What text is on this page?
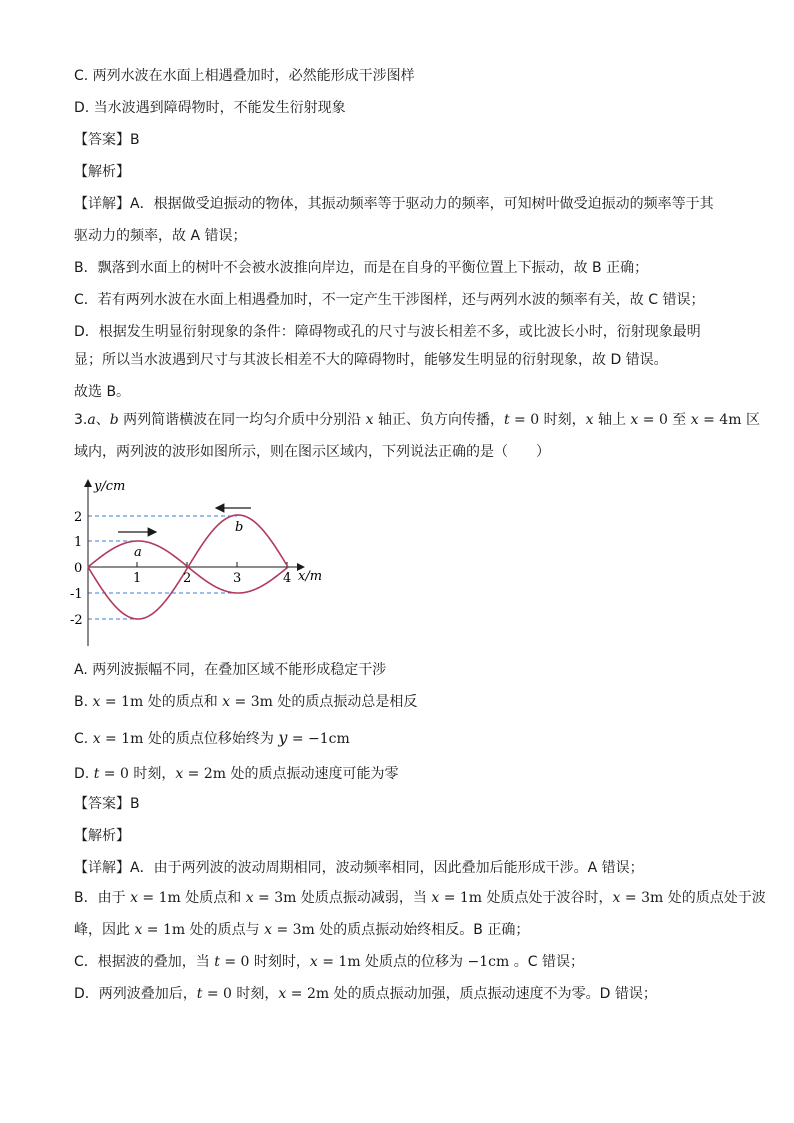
C. 两列水波在水面上相遇叠加时，必然能形成干涉图样
D. 当水波遇到障碍物时，不能发生衍射现象
【答案】B
【解析】
【详解】A．根据做受迫振动的物体，其振动频率等于驱动力的频率，可知树叶做受迫振动的频率等于其
驱动力的频率，故 A 错误；
B．飘落到水面上的树叶不会被水波推向岸边，而是在自身的平衡位置上下振动，故 B 正确；
C．若有两列水波在水面上相遇叠加时，不一定产生干涉图样，还与两列水波的频率有关，故 C 错误；
D．根据发生明显衍射现象的条件：障碍物或孔的尺寸与波长相差不多，或比波长小时，衍射现象最明
显；所以当水波遇到尺寸与其波长相差不大的障碍物时，能够发生明显的衍射现象，故 D 错误。
故选 B。
3.a、b 两列简谐横波在同一均匀介质中分别沿 x 轴正、负方向传播，t = 0 时刻，x 轴上 x = 0 至 x = 4m 区
域内，两列波的波形如图所示，则在图示区域内，下列说法正确的是（　　）
y/cm
x/m
0
2
1
-1
-2
1	2	3	4
a
b
A. 两列波振幅不同，在叠加区域不能形成稳定干涉
B. x = 1m 处的质点和 x = 3m 处的质点振动总是相反
C. x = 1m 处的质点位移始终为 y = −1cm
D. t = 0 时刻，x = 2m 处的质点振动速度可能为零
【答案】B
【解析】
【详解】A．由于两列波的波动周期相同，波动频率相同，因此叠加后能形成干涉。A 错误；
B．由于 x = 1m 处质点和 x = 3m 处质点振动减弱，当 x = 1m 处质点处于波谷时，x = 3m 处的质点处于波
峰，因此 x = 1m 处的质点与 x = 3m 处的质点振动始终相反。B 正确；
C．根据波的叠加，当 t = 0 时刻时，x = 1m 处质点的位移为 −1cm 。C 错误；
D．两列波叠加后，t = 0 时刻，x = 2m 处的质点振动加强，质点振动速度不为零。D 错误；
